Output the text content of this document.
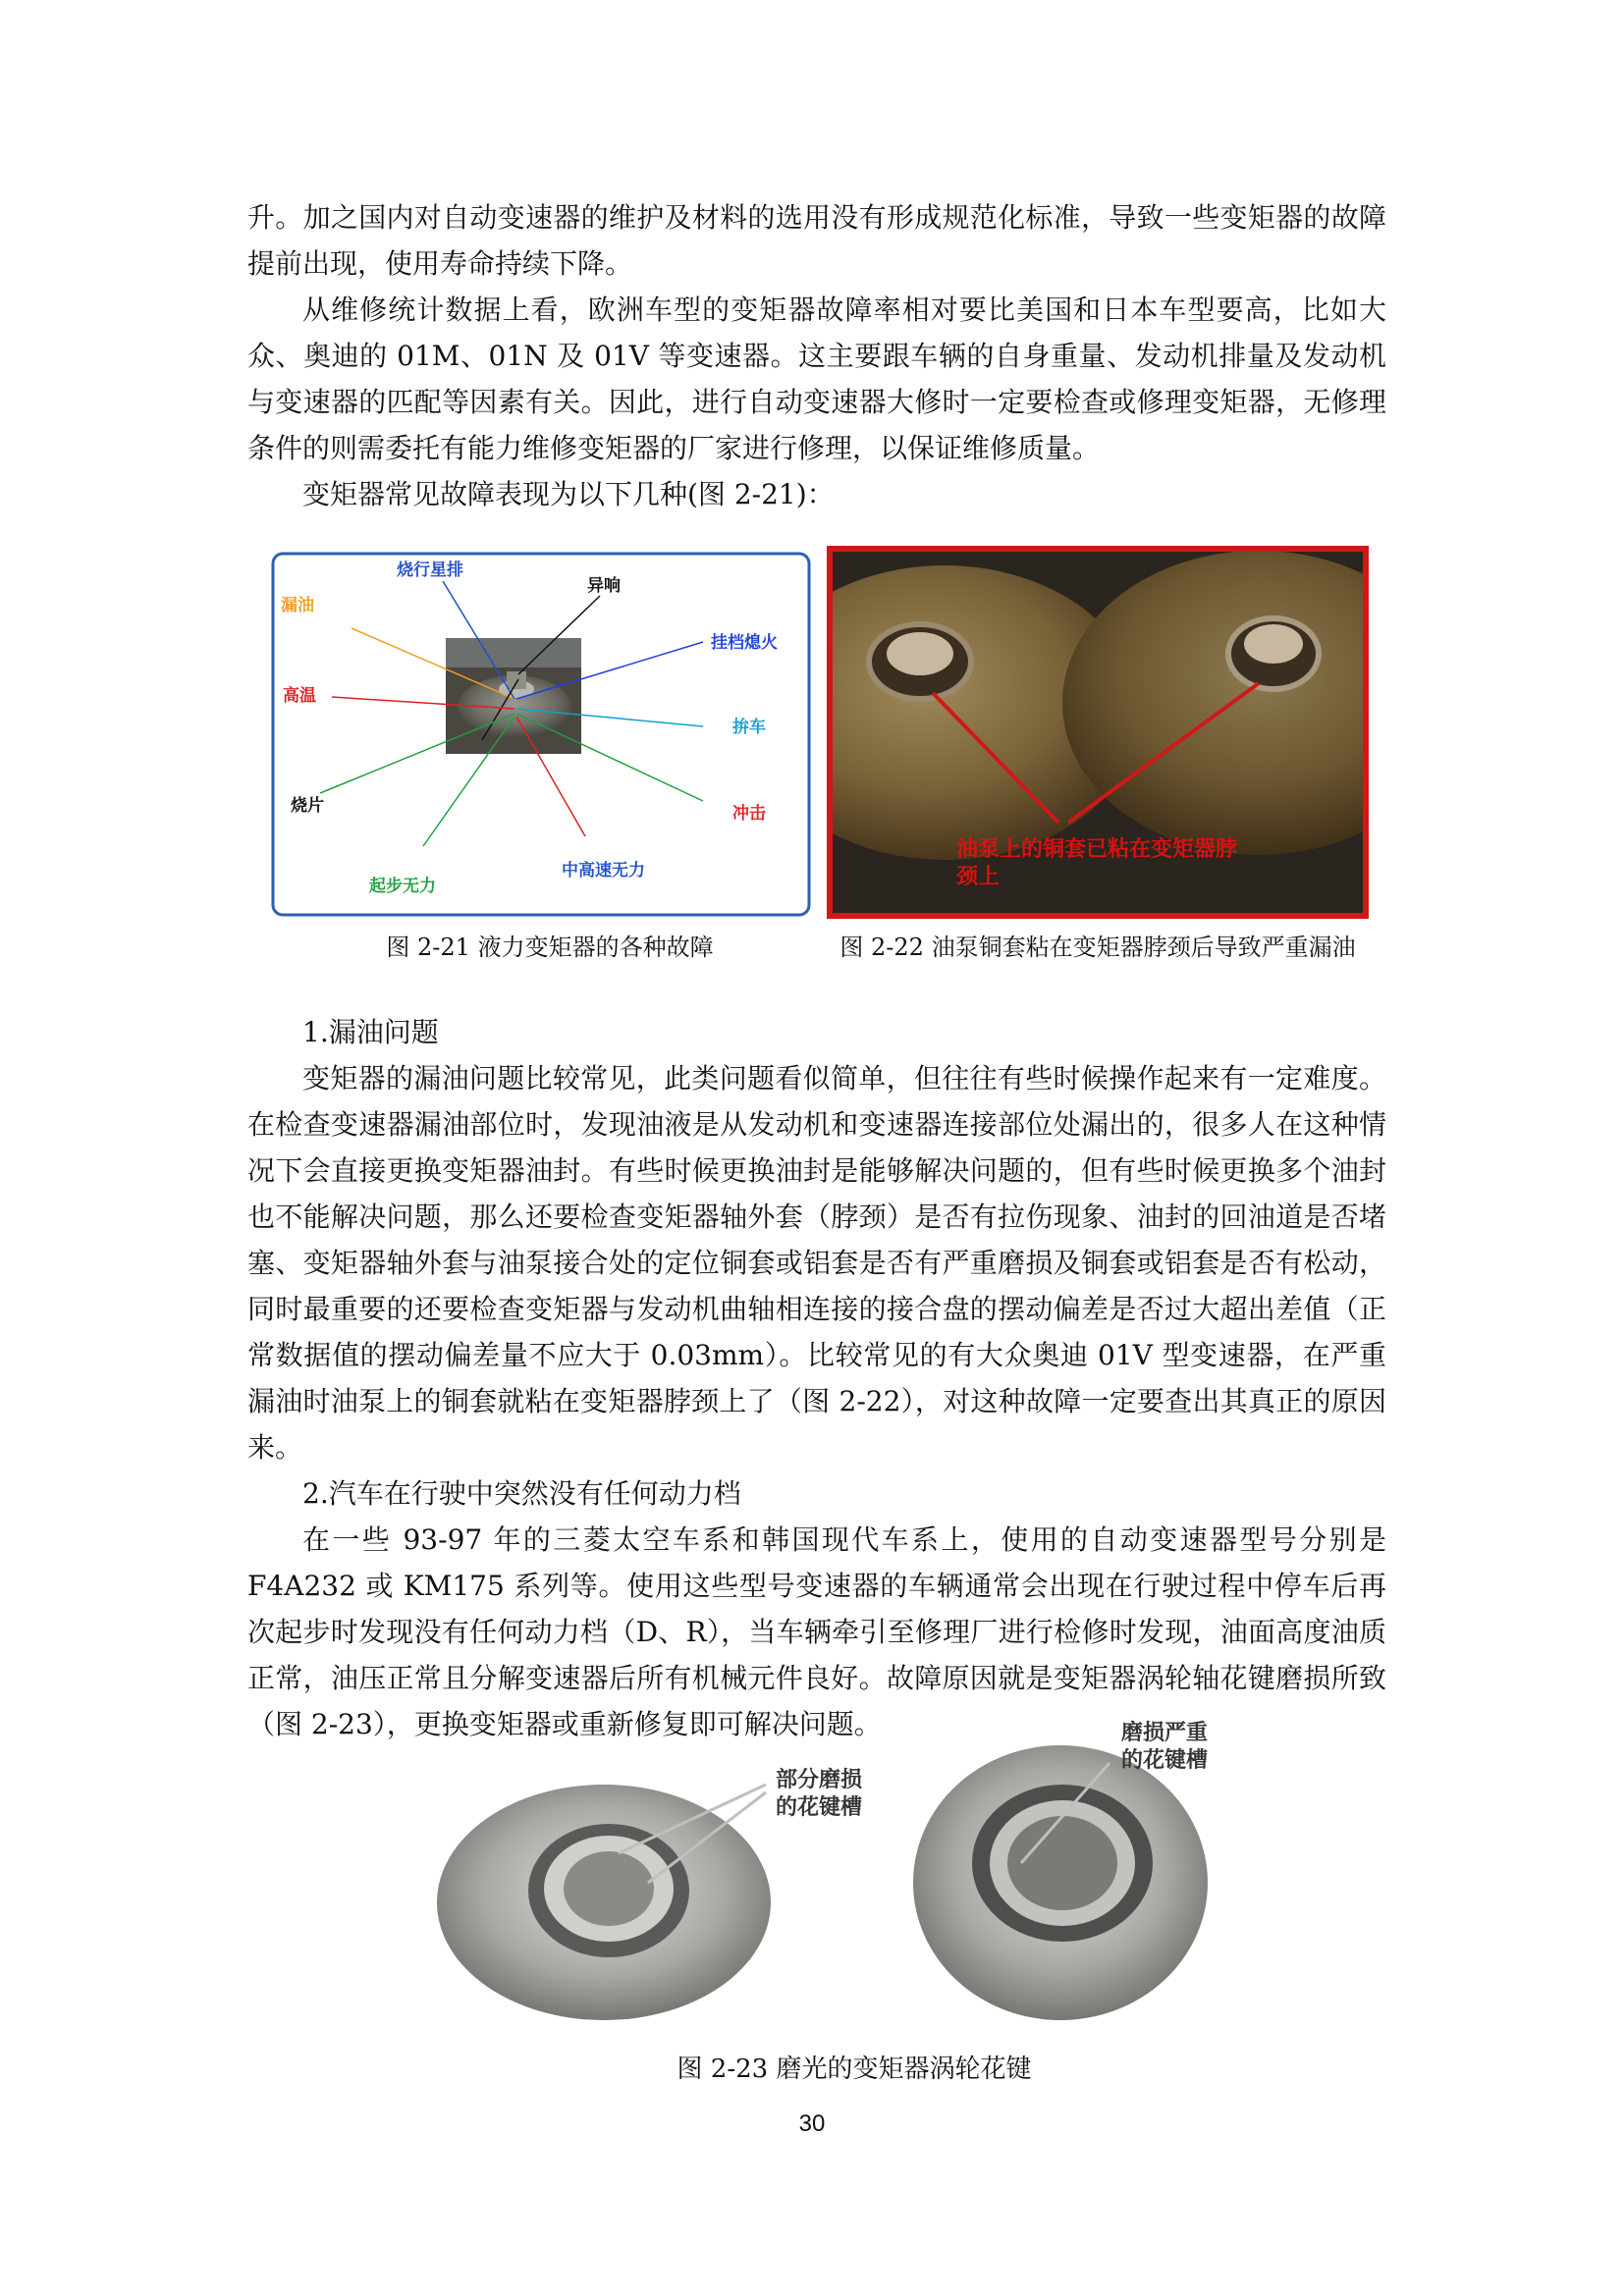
升。加之国内对自动变速器的维护及材料的选用没有形成规范化标准，导致一些变矩器的故障提前出现，使用寿命持续下降。

从维修统计数据上看，欧洲车型的变矩器故障率相对要比美国和日本车型要高，比如大众、奥迪的 01M、01N 及 01V 等变速器。这主要跟车辆的自身重量、发动机排量及发动机与变速器的匹配等因素有关。因此，进行自动变速器大修时一定要检查或修理变矩器，无修理条件的则需委托有能力维修变矩器的厂家进行修理，以保证维修质量。

变矩器常见故障表现为以下几种(图 2-21)：

漏油
烧行星排
异响
挂档熄火
高温
拚车
烧片	冲击
起步无力
中高速无力
图 2-21 液力变矩器的各种故障
油泵上的铜套已粘在变矩器脖
颈上
图 2-22 油泵铜套粘在变矩器脖颈后导致严重漏油

1.漏油问题

变矩器的漏油问题比较常见，此类问题看似简单，但往往有些时候操作起来有一定难度。在检查变速器漏油部位时，发现油液是从发动机和变速器连接部位处漏出的，很多人在这种情况下会直接更换变矩器油封。有些时候更换油封是能够解决问题的，但有些时候更换多个油封也不能解决问题，那么还要检查变矩器轴外套（脖颈）是否有拉伤现象、油封的回油道是否堵塞、变矩器轴外套与油泵接合处的定位铜套或铝套是否有严重磨损及铜套或铝套是否有松动，同时最重要的还要检查变矩器与发动机曲轴相连接的接合盘的摆动偏差是否过大超出差值（正常数据值的摆动偏差量不应大于 0.03mm）。比较常见的有大众奥迪 01V 型变速器，在严重漏油时油泵上的铜套就粘在变矩器脖颈上了（图 2-22），对这种故障一定要查出其真正的原因来。

2.汽车在行驶中突然没有任何动力档

在一些 93-97 年的三菱太空车系和韩国现代车系上，使用的自动变速器型号分别是F4A232 或 KM175 系列等。使用这些型号变速器的车辆通常会出现在行驶过程中停车后再次起步时发现没有任何动力档（D、R），当车辆牵引至修理厂进行检修时发现，油面高度油质正常，油压正常且分解变速器后所有机械元件良好。故障原因就是变矩器涡轮轴花键磨损所致（图 2-23），更换变矩器或重新修复即可解决问题。

部分磨损
的花键槽
磨损严重
的花键槽
图 2-23 磨光的变矩器涡轮花键
30
